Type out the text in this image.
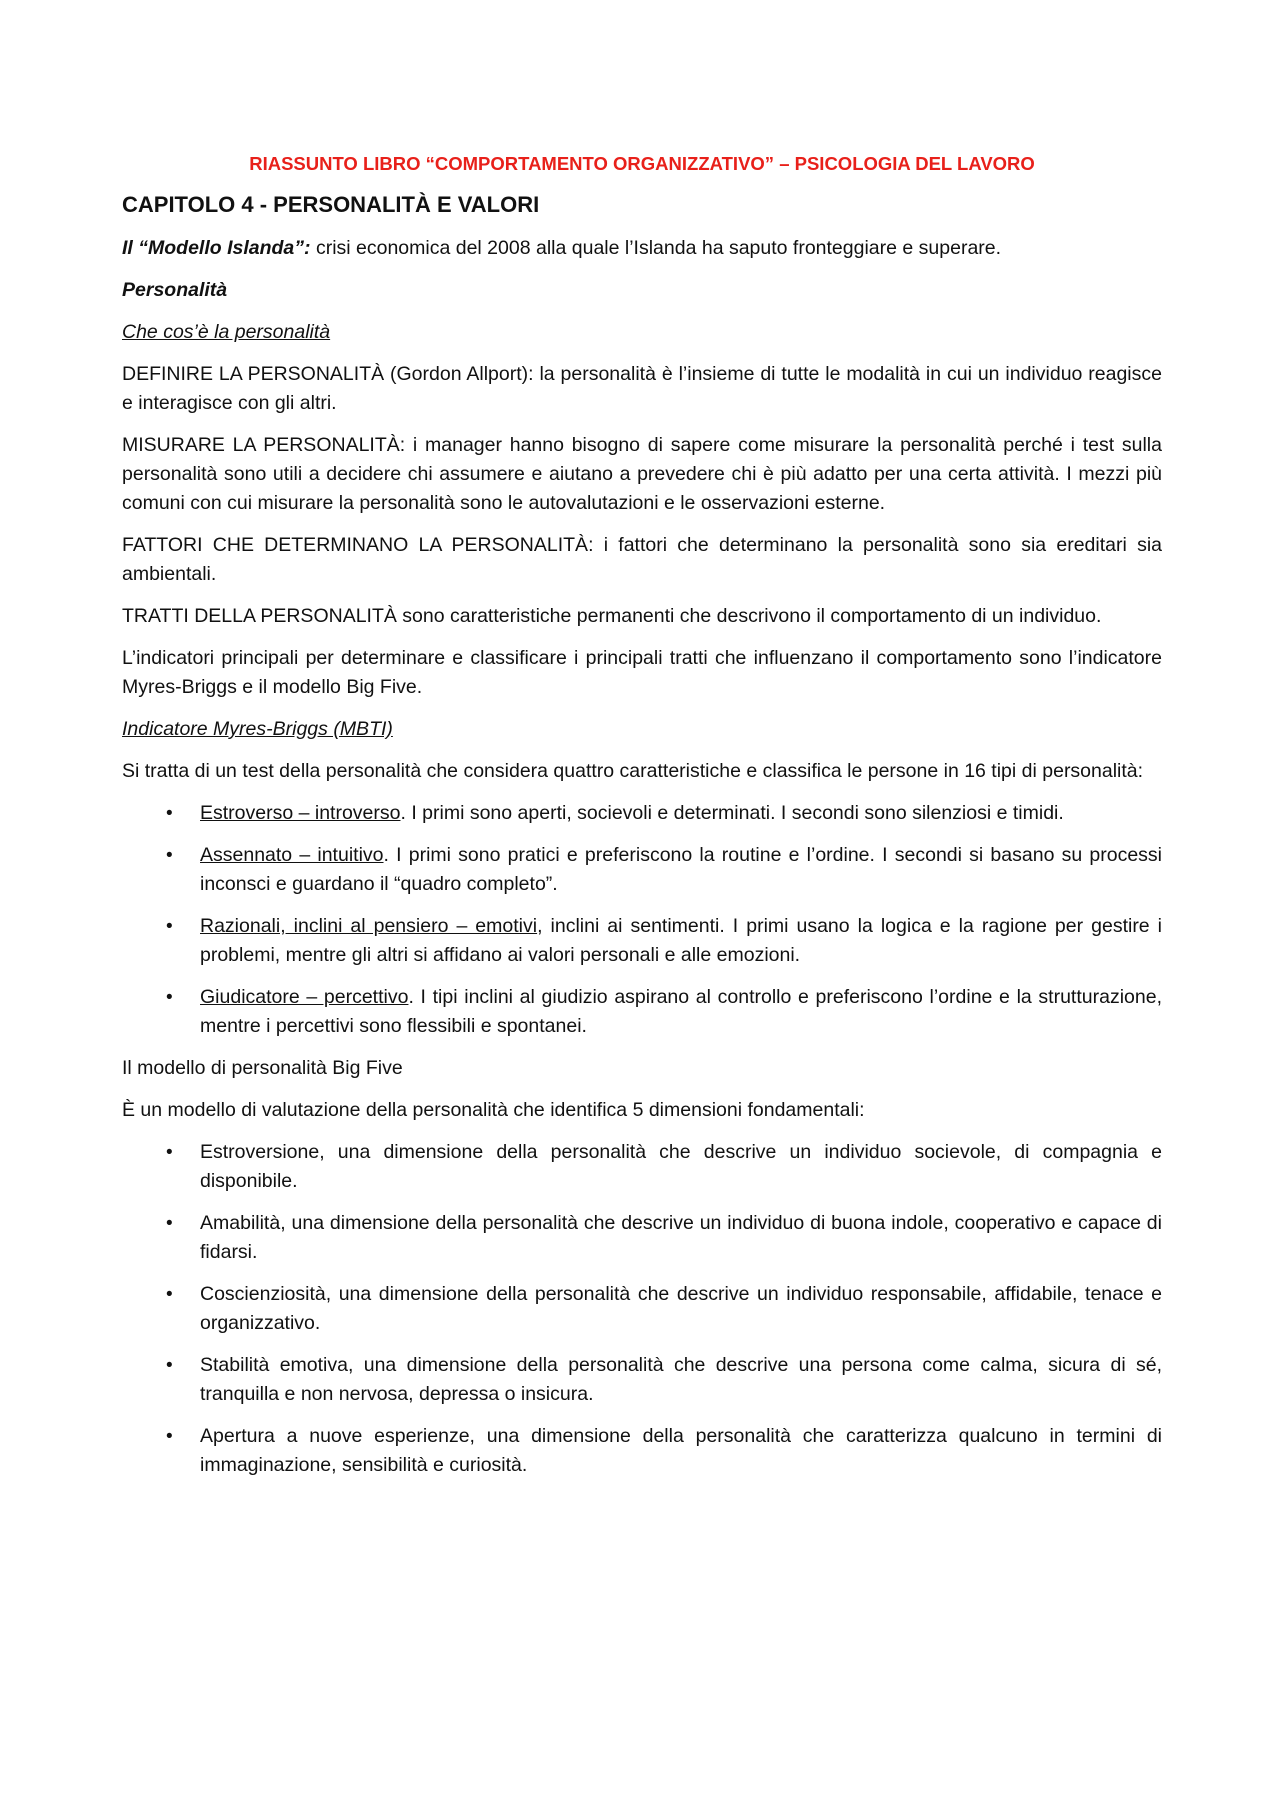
RIASSUNTO LIBRO “COMPORTAMENTO ORGANIZZATIVO” – PSICOLOGIA DEL LAVORO
CAPITOLO 4 - PERSONALITÀ E VALORI

Il “Modello Islanda”: crisi economica del 2008 alla quale l’Islanda ha saputo fronteggiare e superare.

Personalità

Che cos’è la personalità

DEFINIRE LA PERSONALITÀ (Gordon Allport): la personalità è l’insieme di tutte le modalità in cui un individuo reagisce e interagisce con gli altri.

MISURARE LA PERSONALITÀ: i manager hanno bisogno di sapere come misurare la personalità perché i test sulla personalità sono utili a decidere chi assumere e aiutano a prevedere chi è più adatto per una certa attività. I mezzi più comuni con cui misurare la personalità sono le autovalutazioni e le osservazioni esterne.

FATTORI CHE DETERMINANO LA PERSONALITÀ: i fattori che determinano la personalità sono sia ereditari sia ambientali.

TRATTI DELLA PERSONALITÀ sono caratteristiche permanenti che descrivono il comportamento di un individuo.

L’indicatori principali per determinare e classificare i principali tratti che influenzano il comportamento sono l’indicatore Myres-Briggs e il modello Big Five.

Indicatore Myres-Briggs (MBTI)

Si tratta di un test della personalità che considera quattro caratteristiche e classifica le persone in 16 tipi di personalità:

• Estroverso – introverso. I primi sono aperti, socievoli e determinati. I secondi sono silenziosi e timidi.
• Assennato – intuitivo. I primi sono pratici e preferiscono la routine e l’ordine. I secondi si basano su processi inconsci e guardano il “quadro completo”.
• Razionali, inclini al pensiero – emotivi, inclini ai sentimenti. I primi usano la logica e la ragione per gestire i problemi, mentre gli altri si affidano ai valori personali e alle emozioni.
• Giudicatore – percettivo. I tipi inclini al giudizio aspirano al controllo e preferiscono l’ordine e la strutturazione, mentre i percettivi sono flessibili e spontanei.

Il modello di personalità Big Five

È un modello di valutazione della personalità che identifica 5 dimensioni fondamentali:

• Estroversione, una dimensione della personalità che descrive un individuo socievole, di compagnia e disponibile.
• Amabilità, una dimensione della personalità che descrive un individuo di buona indole, cooperativo e capace di fidarsi.
• Coscienziosità, una dimensione della personalità che descrive un individuo responsabile, affidabile, tenace e organizzativo.
• Stabilità emotiva, una dimensione della personalità che descrive una persona come calma, sicura di sé, tranquilla e non nervosa, depressa o insicura.
• Apertura a nuove esperienze, una dimensione della personalità che caratterizza qualcuno in termini di immaginazione, sensibilità e curiosità.
